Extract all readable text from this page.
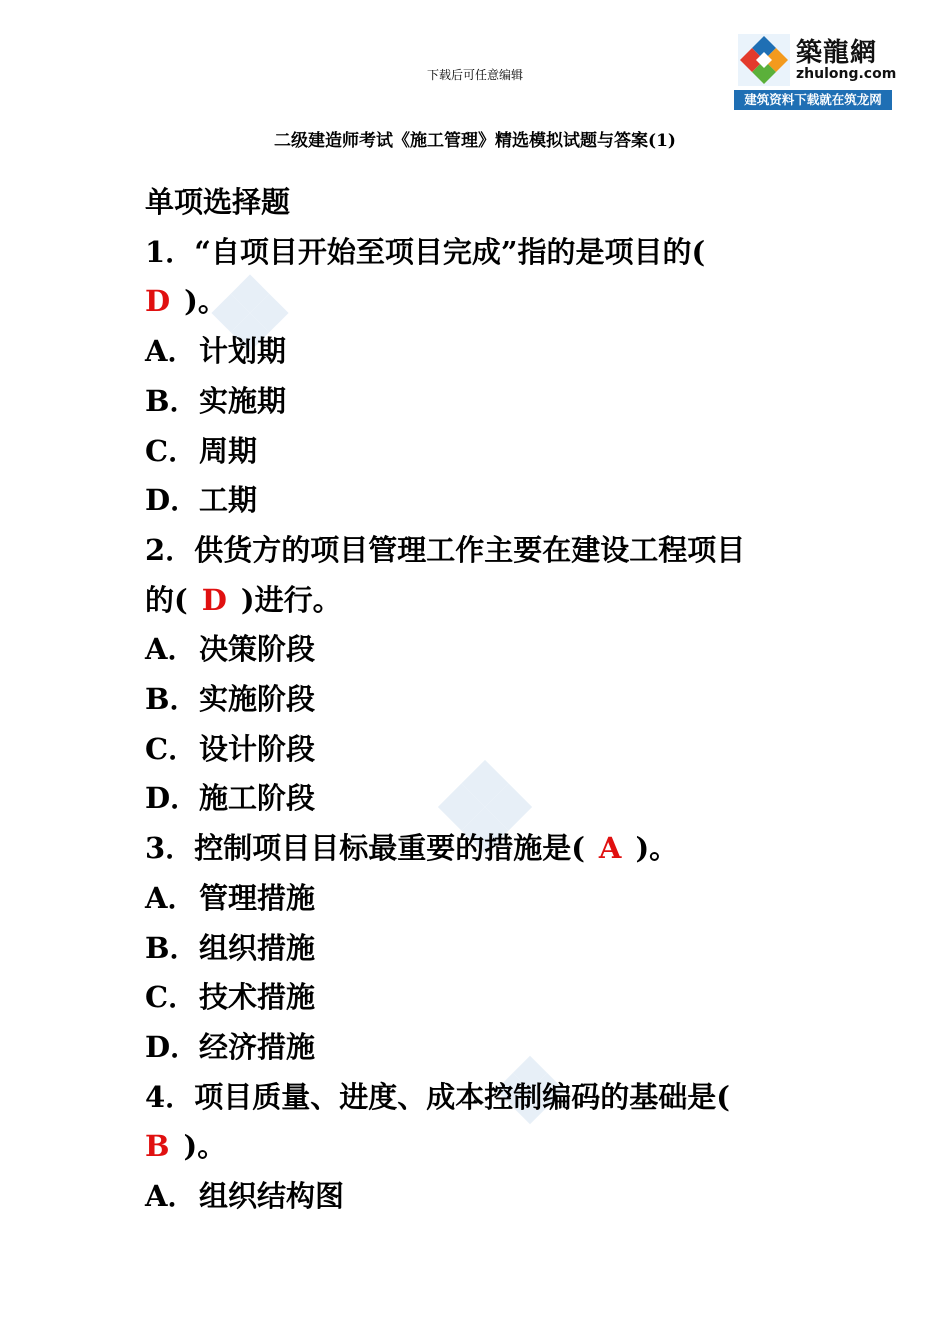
下载后可任意编辑
築龍網
zhulong.com
建筑资料下载就在筑龙网
二级建造师考试《施工管理》精选模拟试题与答案(1)
单项选择题
1．“自项目开始至项目完成”指的是项目的(
D )。
A．计划期
B．实施期
C．周期
D．工期
2．供货方的项目管理工作主要在建设工程项目
的( D )进行。
A．决策阶段
B．实施阶段
C．设计阶段
D．施工阶段
3．控制项目目标最重要的措施是( A )。
A．管理措施
B．组织措施
C．技术措施
D．经济措施
4．项目质量、进度、成本控制编码的基础是(
B )。
A．组织结构图
